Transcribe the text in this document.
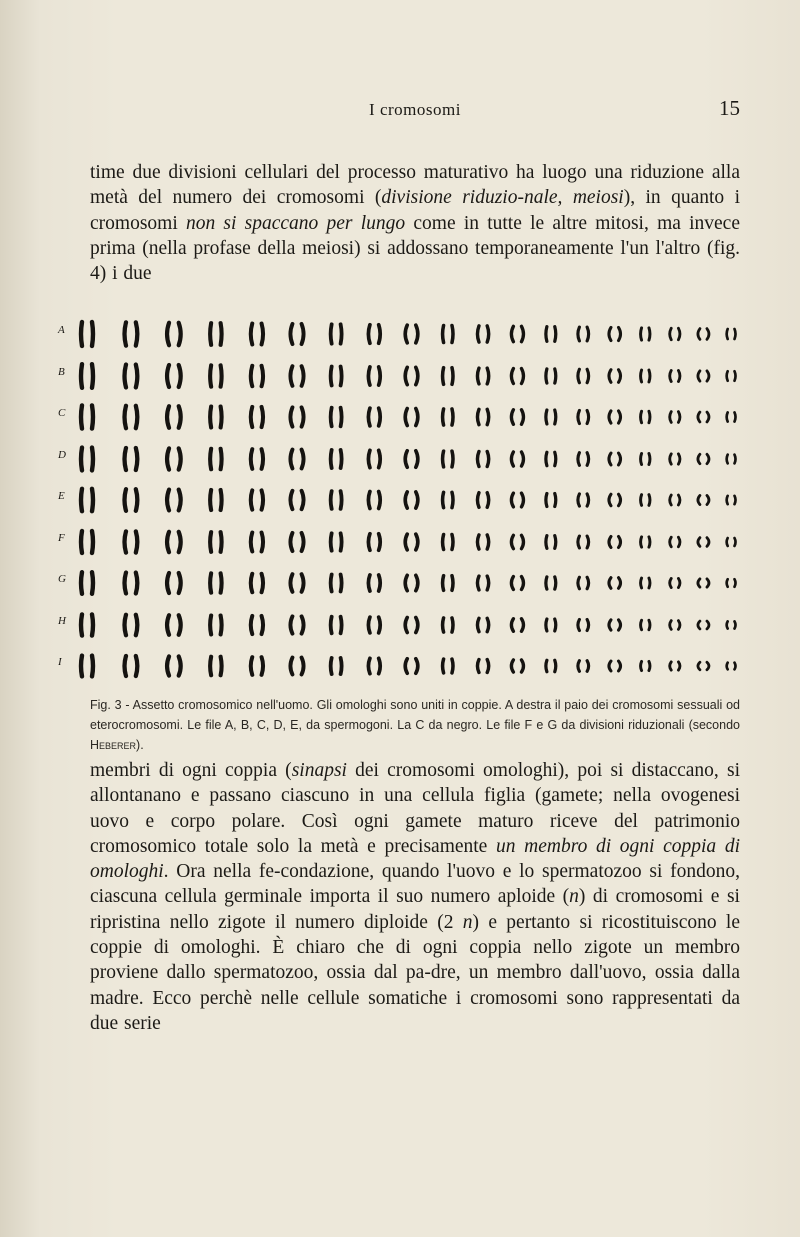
I cromosomi	15

time due divisioni cellulari del processo maturativo ha luogo una riduzione alla metà del numero dei cromosomi (divisione riduzio-nale, meiosi), in quanto i cromosomi non si spaccano per lungo come in tutte le altre mitosi, ma invece prima (nella profase della meiosi) si addossano temporaneamente l'un l'altro (fig. 4) i due

A
B
C
D
E
F
G
H
I
Fig. 3 - Assetto cromosomico nell'uomo. Gli omologhi sono uniti in coppie. A destra il paio dei cromosomi sessuali od eterocromosomi. Le file A, B, C, D, E, da spermogoni. La C da negro. Le file F e G da divisioni riduzionali (secondo Heberer).

membri di ogni coppia (sinapsi dei cromosomi omologhi), poi si distaccano, si allontanano e passano ciascuno in una cellula figlia (gamete; nella ovogenesi uovo e corpo polare. Così ogni gamete maturo riceve del patrimonio cromosomico totale solo la metà e precisamente un membro di ogni coppia di omologhi. Ora nella fe-condazione, quando l'uovo e lo spermatozoo si fondono, ciascuna cellula germinale importa il suo numero aploide (n) di cromosomi e si ripristina nello zigote il numero diploide (2 n) e pertanto si ricostituiscono le coppie di omologhi. È chiaro che di ogni coppia nello zigote un membro proviene dallo spermatozoo, ossia dal pa-dre, un membro dall'uovo, ossia dalla madre. Ecco perchè nelle cellule somatiche i cromosomi sono rappresentati da due serie
